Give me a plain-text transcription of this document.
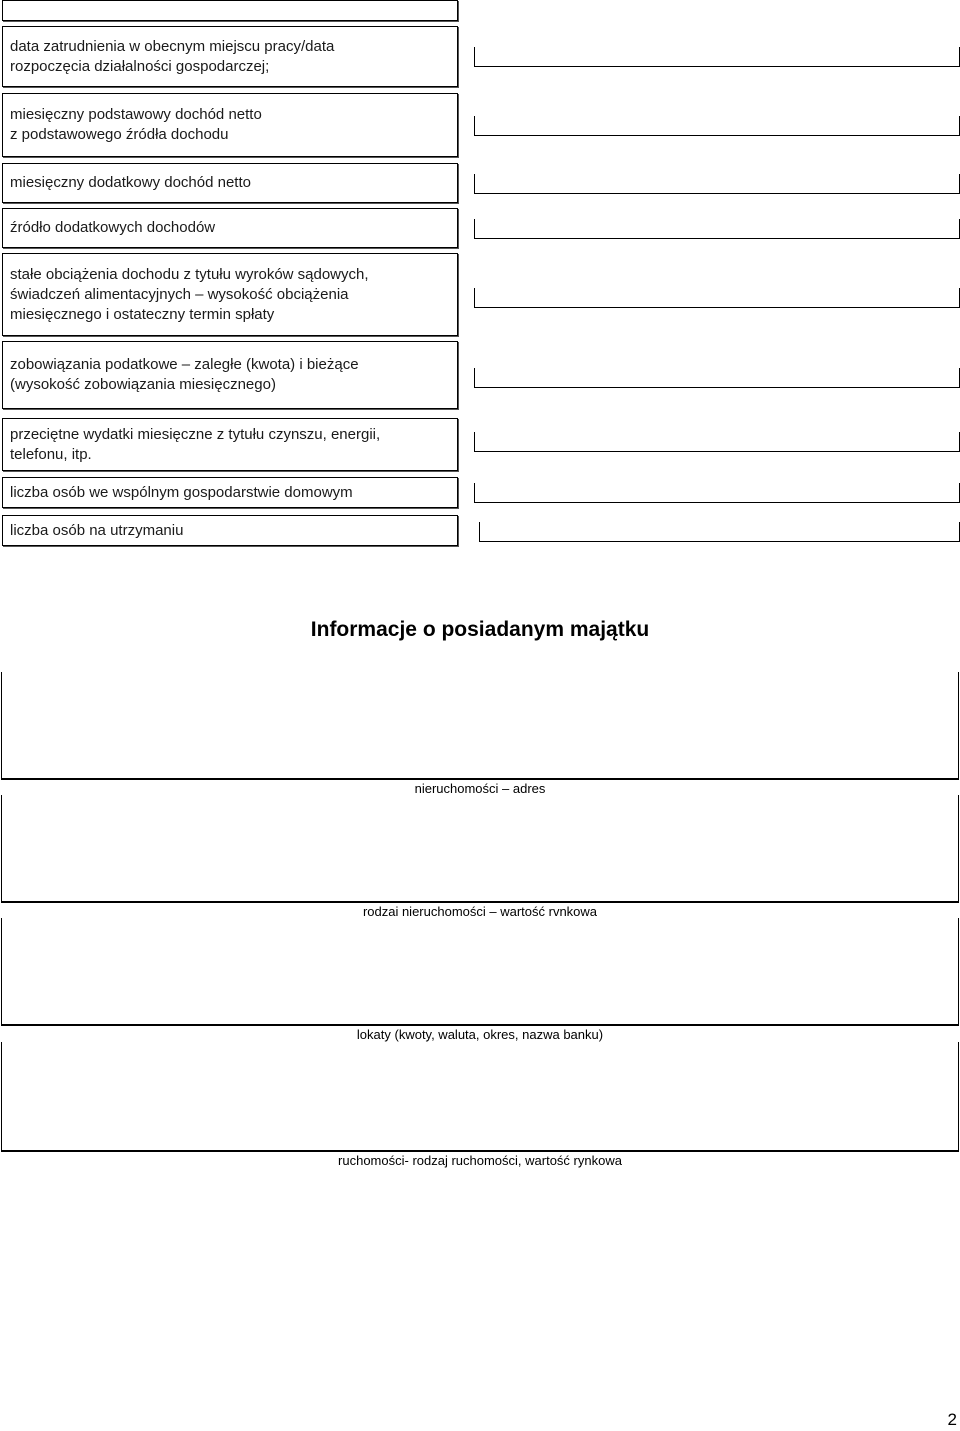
data zatrudnienia w obecnym miejscu pracy/data
rozpoczęcia działalności gospodarczej;
miesięczny podstawowy dochód netto
z podstawowego źródła dochodu
miesięczny dodatkowy dochód netto
źródło dodatkowych dochodów
stałe obciążenia dochodu z tytułu wyroków sądowych,
świadczeń alimentacyjnych – wysokość obciążenia
miesięcznego i ostateczny termin spłaty
zobowiązania podatkowe – zaległe (kwota) i bieżące
(wysokość zobowiązania miesięcznego)
przeciętne wydatki miesięczne z tytułu czynszu, energii,
telefonu, itp.
liczba osób we wspólnym gospodarstwie domowym
liczba osób na utrzymaniu
Informacje o posiadanym majątku
nieruchomości – adres
rodzai nieruchomości – wartość rvnkowa
lokaty (kwoty, waluta, okres, nazwa banku)
ruchomości- rodzaj ruchomości, wartość rynkowa
2
